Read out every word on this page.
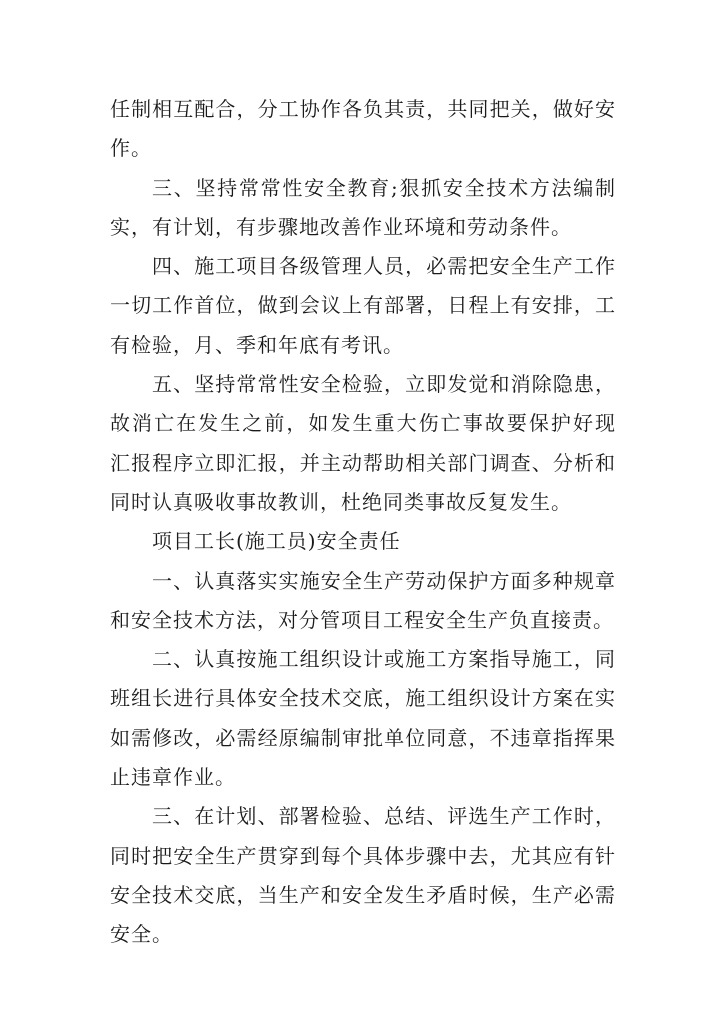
任制相互配合，分工协作各负其责，共同把关，做好安
作。
三、坚持常常性安全教育;狠抓安全技术方法编制
实，有计划，有步骤地改善作业环境和劳动条件。
四、施工项目各级管理人员，必需把安全生产工作
一切工作首位，做到会议上有部署，日程上有安排，工
有检验，月、季和年底有考讯。
五、坚持常常性安全检验，立即发觉和消除隐患，
故消亡在发生之前，如发生重大伤亡事故要保护好现
汇报程序立即汇报，并主动帮助相关部门调查、分析和
同时认真吸收事故教训，杜绝同类事故反复发生。
项目工长(施工员)安全责任
一、认真落实实施安全生产劳动保护方面多种规章
和安全技术方法，对分管项目工程安全生产负直接责。
二、认真按施工组织设计或施工方案指导施工，同
班组长进行具体安全技术交底，施工组织设计方案在实
如需修改，必需经原编制审批单位同意，不违章指挥果
止违章作业。
三、在计划、部署检验、总结、评选生产工作时，
同时把安全生产贯穿到每个具体步骤中去，尤其应有针
安全技术交底，当生产和安全发生矛盾时候，生产必需
安全。
